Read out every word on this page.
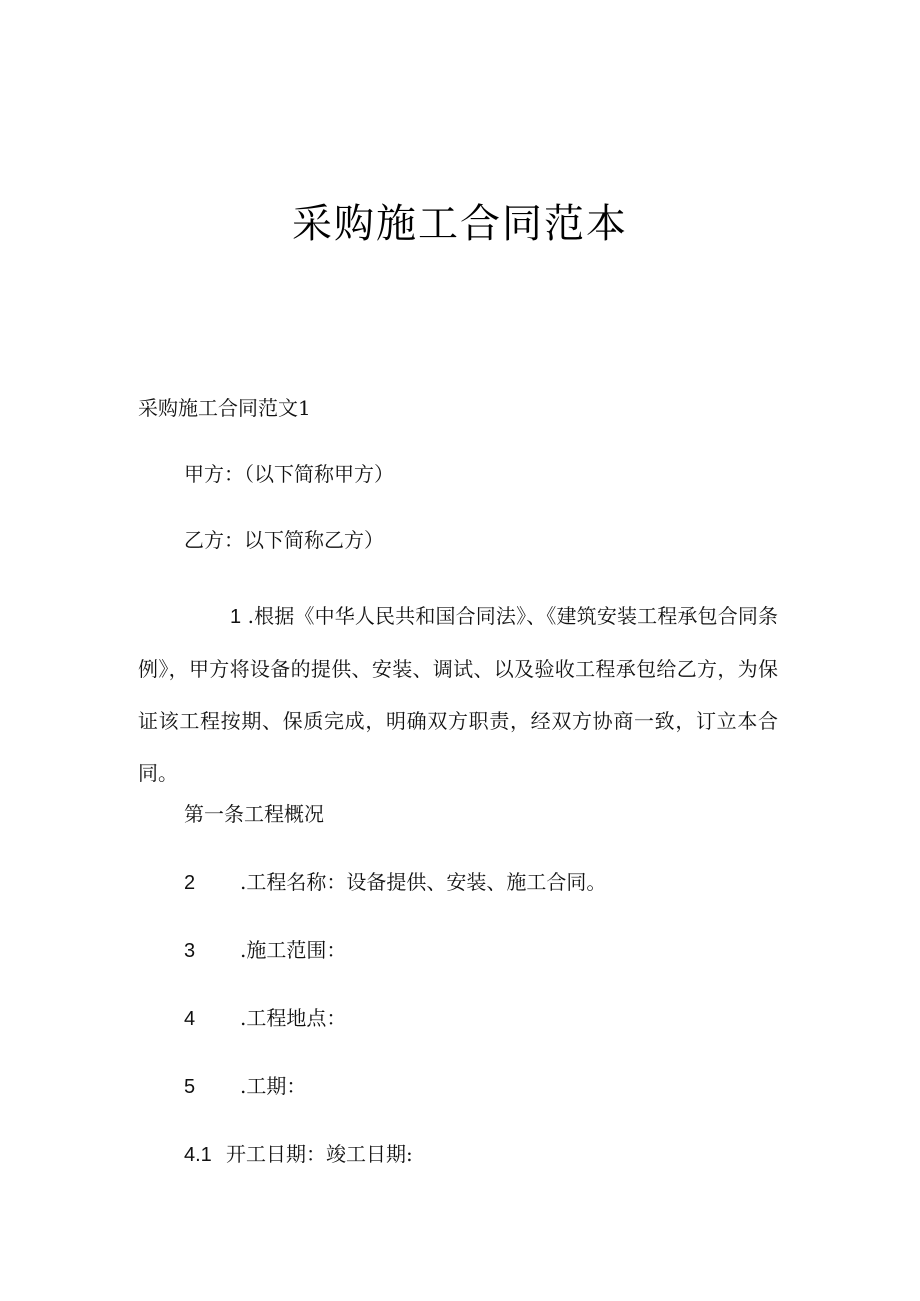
采购施工合同范本
采购施工合同范文1
甲方：（以下简称甲方）
乙方：以下简称乙方）
1 .根据《中华人民共和国合同法》、《建筑安装工程承包合同条例》，甲方将设备的提供、安装、调试、以及验收工程承包给乙方，为保证该工程按期、保质完成，明确双方职责，经双方协商一致，订立本合同。
第一条工程概况
2 .工程名称：设备提供、安装、施工合同。
3 .施工范围：
4 .工程地点：
5 .工期：
4.1 开工日期：竣工日期:
